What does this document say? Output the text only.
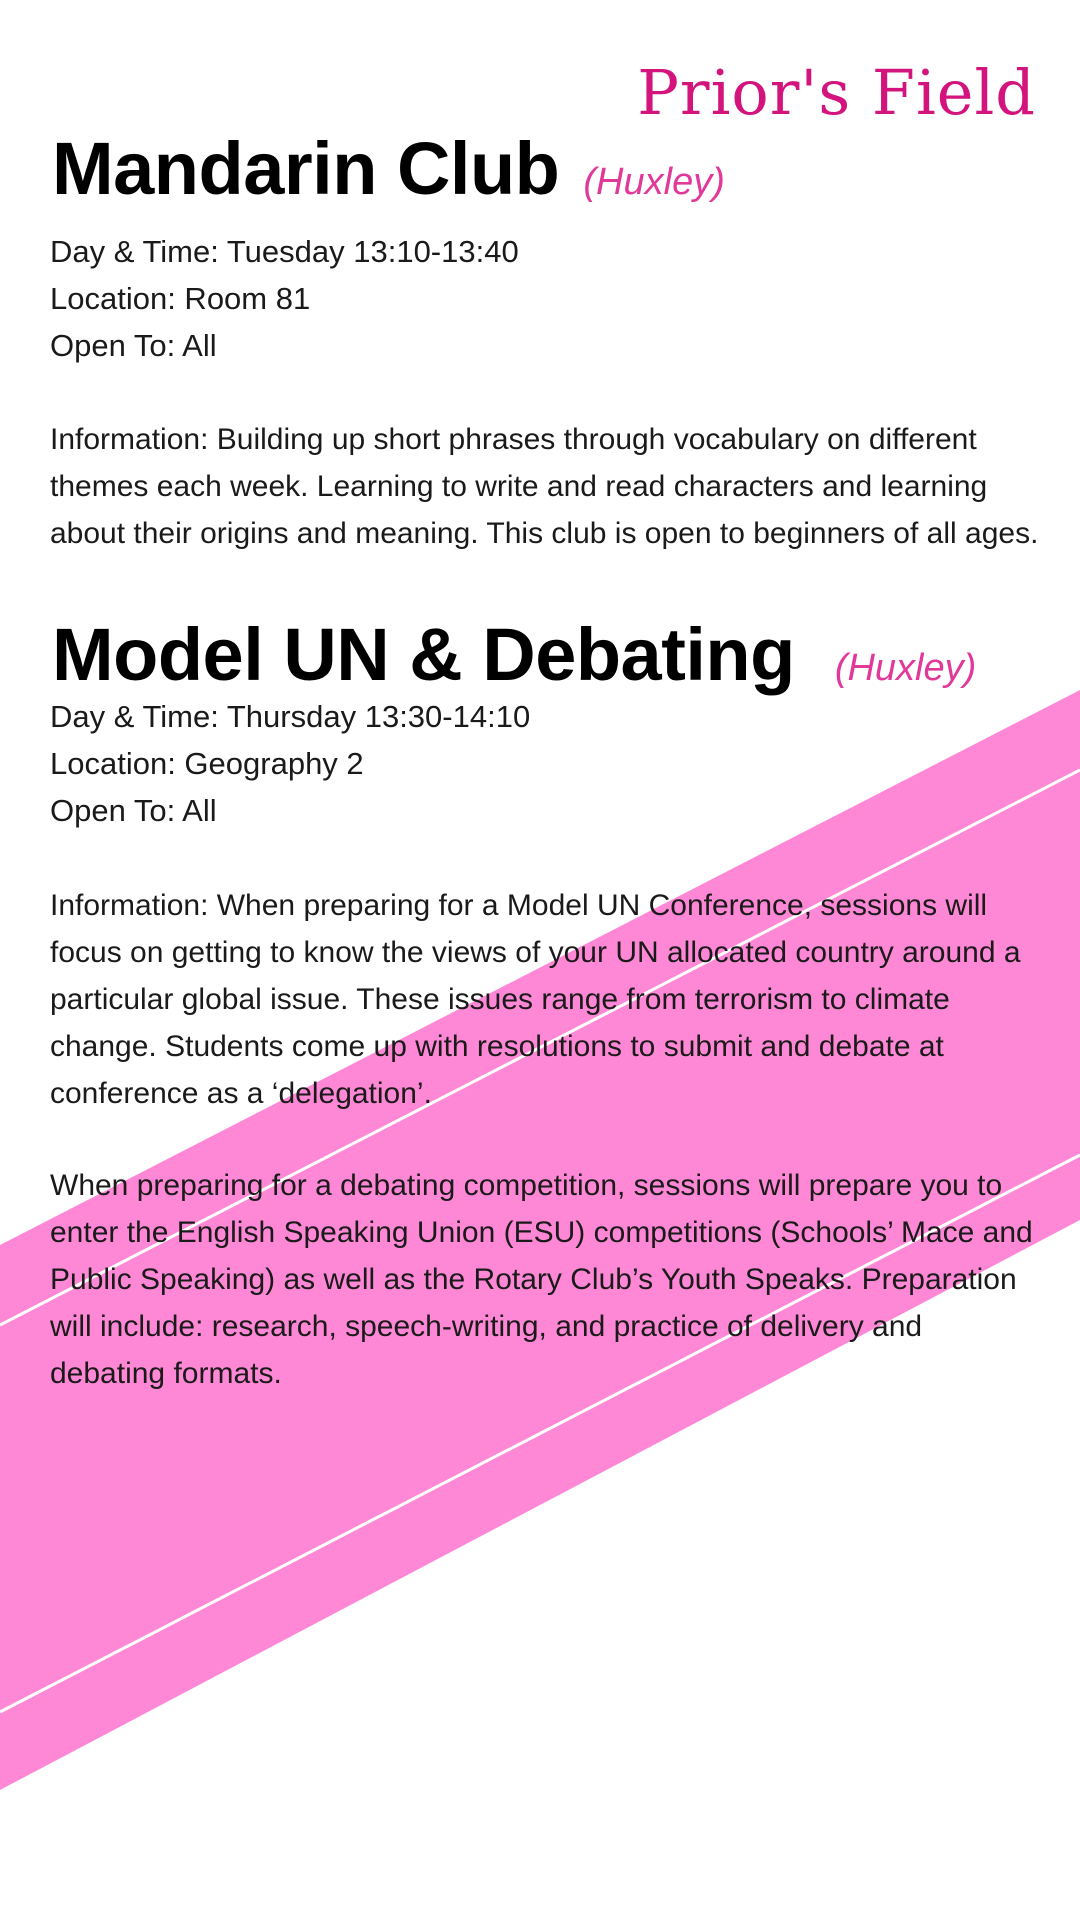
Prior's Field
Mandarin Club (Huxley)
Day & Time: Tuesday 13:10-13:40
Location: Room 81
Open To: All

Information: Building up short phrases through vocabulary on different themes each week. Learning to write and read characters and learning about their origins and meaning. This club is open to beginners of all ages.

Model UN & Debating (Huxley)
Day & Time: Thursday 13:30-14:10
Location: Geography 2
Open To: All

Information: When preparing for a Model UN Conference, sessions will focus on getting to know the views of your UN allocated country around a particular global issue. These issues range from terrorism to climate change. Students come up with resolutions to submit and debate at conference as a ‘delegation’.

When preparing for a debating competition, sessions will prepare you to enter the English Speaking Union (ESU) competitions (Schools’ Mace and Public Speaking) as well as the Rotary Club’s Youth Speaks. Preparation will include: research, speech-writing, and practice of delivery and debating formats.
